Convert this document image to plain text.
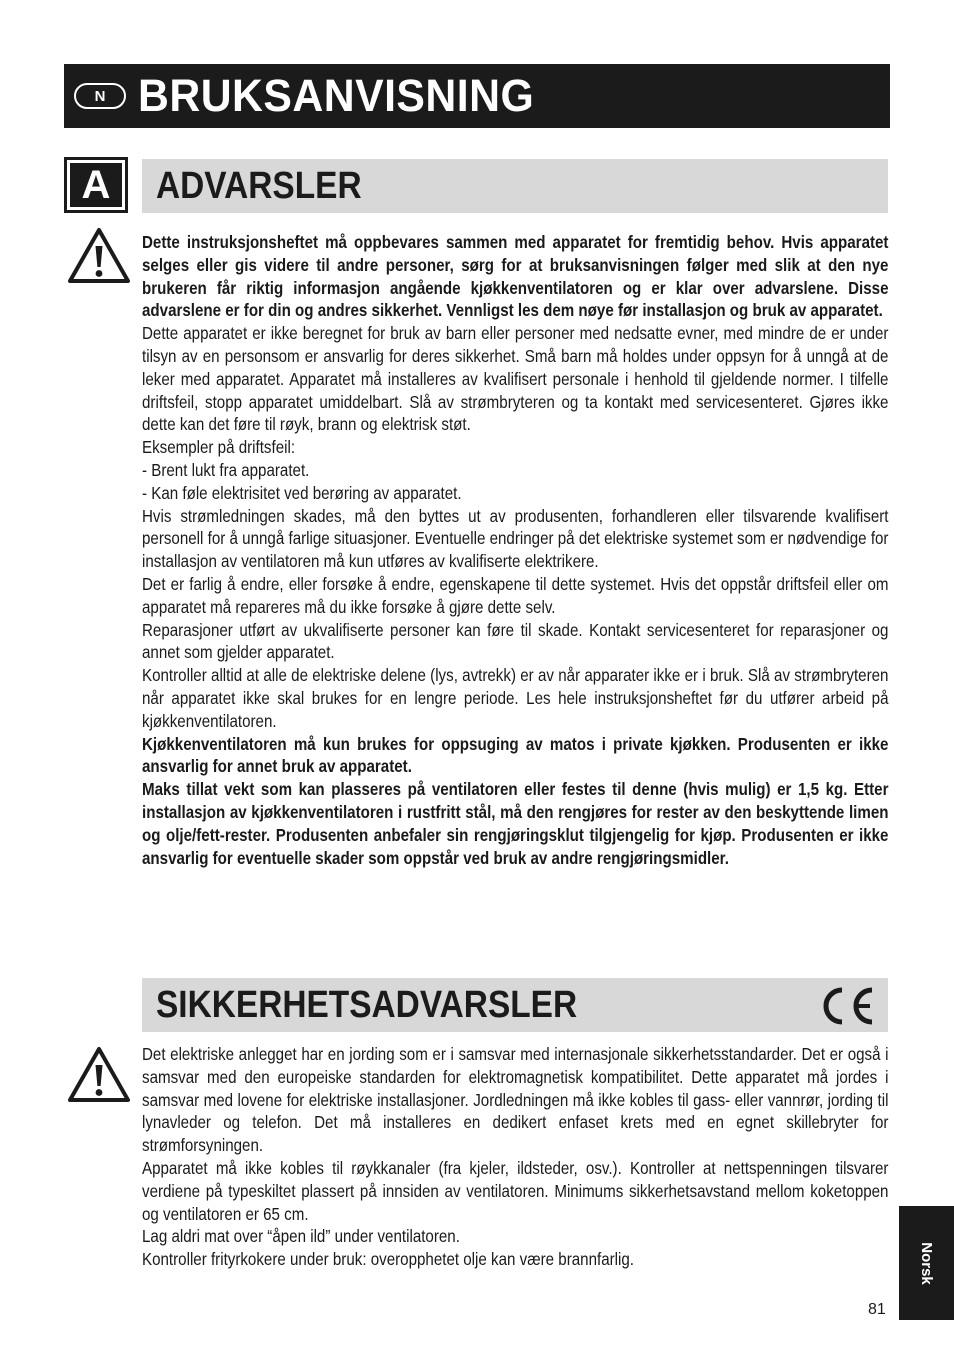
N BRUKSANVISNING
A	ADVARSLER

Dette instruksjonsheftet må oppbevares sammen med apparatet for fremtidig behov. Hvis apparatet selges eller gis videre til andre personer, sørg for at bruksanvisningen følger med slik at den nye brukeren får riktig informasjon angående kjøkkenventilatoren og er klar over advarslene. Disse advarslene er for din og andres sikkerhet. Vennligst les dem nøye før installasjon og bruk av apparatet.

Dette apparatet er ikke beregnet for bruk av barn eller personer med nedsatte evner, med mindre de er under tilsyn av en personsom er ansvarlig for deres sikkerhet. Små barn må holdes under oppsyn for å unngå at de leker med apparatet. Apparatet må installeres av kvalifisert personale i henhold til gjeldende normer. I tilfelle driftsfeil, stopp apparatet umiddelbart. Slå av strømbryteren og ta kontakt med servicesenteret. Gjøres ikke dette kan det føre til røyk, brann og elektrisk støt.

Eksempler på driftsfeil:

- Brent lukt fra apparatet.

- Kan føle elektrisitet ved berøring av apparatet.

Hvis strømledningen skades, må den byttes ut av produsenten, forhandleren eller tilsvarende kvalifisert personell for å unngå farlige situasjoner. Eventuelle endringer på det elektriske systemet som er nødvendige for installasjon av ventilatoren må kun utføres av kvalifiserte elektrikere.

Det er farlig å endre, eller forsøke å endre, egenskapene til dette systemet. Hvis det oppstår driftsfeil eller om apparatet må repareres må du ikke forsøke å gjøre dette selv.

Reparasjoner utført av ukvalifiserte personer kan føre til skade. Kontakt servicesenteret for reparasjoner og annet som gjelder apparatet.

Kontroller alltid at alle de elektriske delene (lys, avtrekk) er av når apparater ikke er i bruk. Slå av strømbryteren når apparatet ikke skal brukes for en lengre periode. Les hele instruksjonsheftet før du utfører arbeid på kjøkkenventilatoren.

Kjøkkenventilatoren må kun brukes for oppsuging av matos i private kjøkken. Produsenten er ikke ansvarlig for annet bruk av apparatet.

Maks tillat vekt som kan plasseres på ventilatoren eller festes til denne (hvis mulig) er 1,5 kg. Etter installasjon av kjøkkenventilatoren i rustfritt stål, må den rengjøres for rester av den beskyttende limen og olje/fett-rester. Produsenten anbefaler sin rengjøringsklut tilgjengelig for kjøp. Produsenten er ikke ansvarlig for eventuelle skader som oppstår ved bruk av andre rengjøringsmidler.

SIKKERHETSADVARSLER

Det elektriske anlegget har en jording som er i samsvar med internasjonale sikkerhetsstandarder. Det er også i samsvar med den europeiske standarden for elektromagnetisk kompatibilitet. Dette apparatet må jordes i samsvar med lovene for elektriske installasjoner. Jordledningen må ikke kobles til gass- eller vannrør, jording til lynavleder og telefon. Det må installeres en dedikert enfaset krets med en egnet skillebryter for strømforsyningen.

Apparatet må ikke kobles til røykkanaler (fra kjeler, ildsteder, osv.). Kontroller at nettspenningen tilsvarer verdiene på typeskiltet plassert på innsiden av ventilatoren. Minimums sikkerhetsavstand mellom koketoppen og ventilatoren er 65 cm.

Lag aldri mat over “åpen ild” under ventilatoren.

Kontroller frityrkokere under bruk: overopphetet olje kan være brannfarlig.	Norsk
81
